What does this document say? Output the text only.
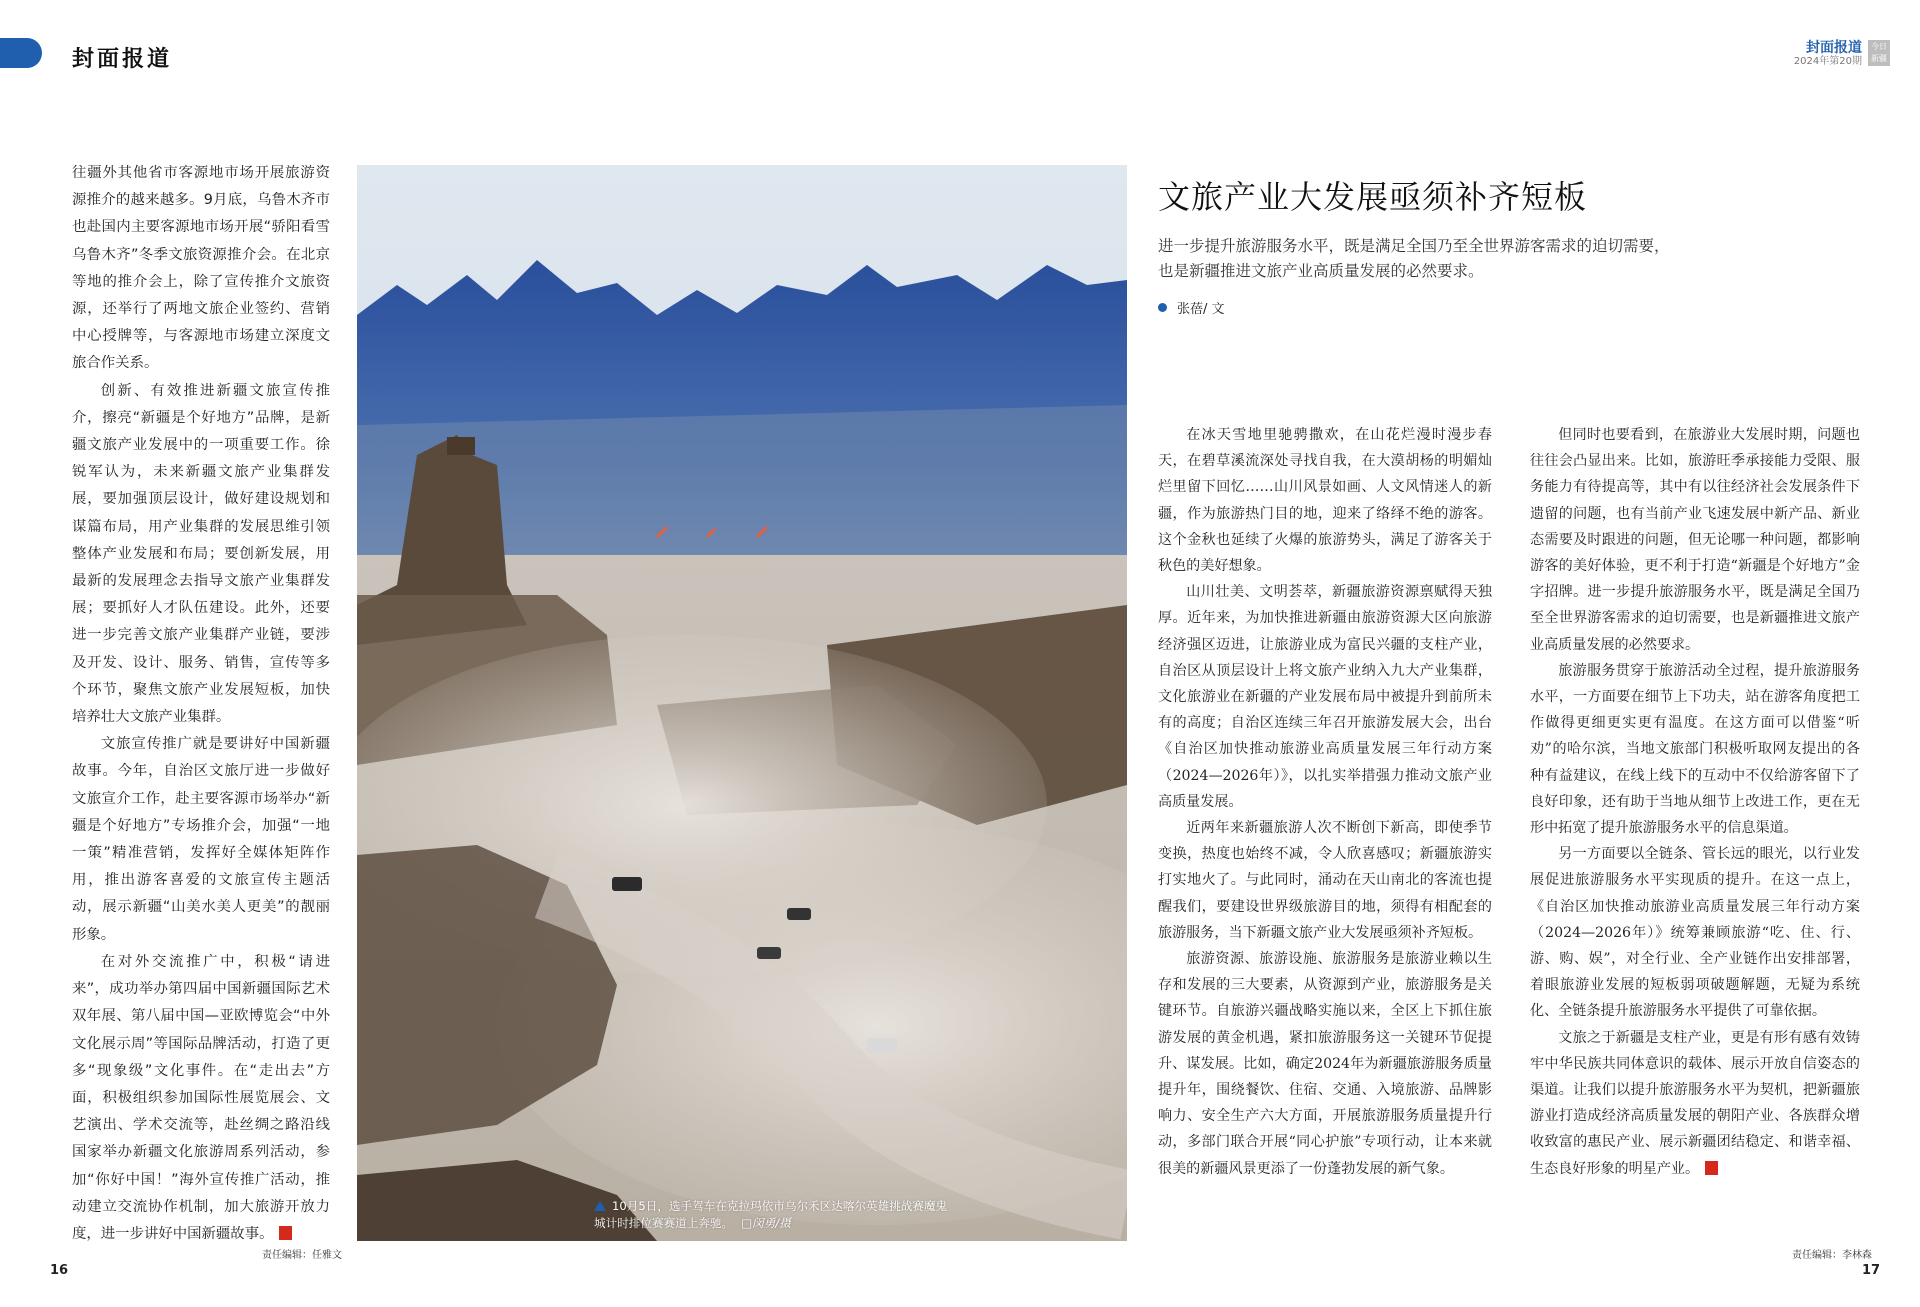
封面报道	封面报道
2024年第20期
今日 新疆

往疆外其他省市客源地市场开展旅游资源推介的越来越多。9月底，乌鲁木齐市也赴国内主要客源地市场开展“骄阳看雪　乌鲁木齐”冬季文旅资源推介会。在北京等地的推介会上，除了宣传推介文旅资源，还举行了两地文旅企业签约、营销中心授牌等，与客源地市场建立深度文旅合作关系。

创新、有效推进新疆文旅宣传推介，擦亮“新疆是个好地方”品牌，是新疆文旅产业发展中的一项重要工作。徐锐军认为，未来新疆文旅产业集群发展，要加强顶层设计，做好建设规划和谋篇布局，用产业集群的发展思维引领整体产业发展和布局；要创新发展，用最新的发展理念去指导文旅产业集群发展；要抓好人才队伍建设。此外，还要进一步完善文旅产业集群产业链，要涉及开发、设计、服务、销售，宣传等多个环节，聚焦文旅产业发展短板，加快培养壮大文旅产业集群。

文旅宣传推广就是要讲好中国新疆故事。今年，自治区文旅厅进一步做好文旅宣介工作，赴主要客源市场举办“新疆是个好地方”专场推介会，加强“一地一策”精准营销，发挥好全媒体矩阵作用，推出游客喜爱的文旅宣传主题活动，展示新疆“山美水美人更美”的靓丽形象。

在对外交流推广中，积极“请进来”，成功举办第四届中国新疆国际艺术双年展、第八届中国—亚欧博览会“中外文化展示周”等国际品牌活动，打造了更多“现象级”文化事件。在“走出去”方面，积极组织参加国际性展览展会、文艺演出、学术交流等，赴丝绸之路沿线国家举办新疆文化旅游周系列活动，参加“你好中国！”海外宣传推广活动，推动建立交流协作机制，加大旅游开放力度，进一步讲好中国新疆故事。

16
责任编辑：任雅文
10月5日，选手驾车在克拉玛依市乌尔禾区达喀尔英雄挑战赛魔鬼城计时排位赛赛道上奔驰。 □闵勇/摄
文旅产业大发展亟须补齐短板
进一步提升旅游服务水平，既是满足全国乃至全世界游客需求的迫切需要，也是新疆推进文旅产业高质量发展的必然要求。
张蓓 / 文

在冰天雪地里驰骋撒欢，在山花烂漫时漫步春天，在碧草溪流深处寻找自我，在大漠胡杨的明媚灿烂里留下回忆……山川风景如画、人文风情迷人的新疆，作为旅游热门目的地，迎来了络绎不绝的游客。这个金秋也延续了火爆的旅游势头，满足了游客关于秋色的美好想象。

山川壮美、文明荟萃，新疆旅游资源禀赋得天独厚。近年来，为加快推进新疆由旅游资源大区向旅游经济强区迈进，让旅游业成为富民兴疆的支柱产业，自治区从顶层设计上将文旅产业纳入九大产业集群，文化旅游业在新疆的产业发展布局中被提升到前所未有的高度；自治区连续三年召开旅游发展大会，出台《自治区加快推动旅游业高质量发展三年行动方案（2024—2026年）》，以扎实举措强力推动文旅产业高质量发展。

近两年来新疆旅游人次不断创下新高，即使季节变换，热度也始终不减，令人欣喜感叹；新疆旅游实打实地火了。与此同时，涌动在天山南北的客流也提醒我们，要建设世界级旅游目的地，须得有相配套的旅游服务，当下新疆文旅产业大发展亟须补齐短板。

旅游资源、旅游设施、旅游服务是旅游业赖以生存和发展的三大要素，从资源到产业，旅游服务是关键环节。自旅游兴疆战略实施以来，全区上下抓住旅游发展的黄金机遇，紧扣旅游服务这一关键环节促提升、谋发展。比如，确定2024年为新疆旅游服务质量提升年，围绕餐饮、住宿、交通、入境旅游、品牌影响力、安全生产六大方面，开展旅游服务质量提升行动，多部门联合开展“同心护旅”专项行动，让本来就很美的新疆风景更添了一份蓬勃发展的新气象。

但同时也要看到，在旅游业大发展时期，问题也往往会凸显出来。比如，旅游旺季承接能力受限、服务能力有待提高等，其中有以往经济社会发展条件下遗留的问题，也有当前产业飞速发展中新产品、新业态需要及时跟进的问题，但无论哪一种问题，都影响游客的美好体验，更不利于打造“新疆是个好地方”金字招牌。进一步提升旅游服务水平，既是满足全国乃至全世界游客需求的迫切需要，也是新疆推进文旅产业高质量发展的必然要求。

旅游服务贯穿于旅游活动全过程，提升旅游服务水平，一方面要在细节上下功夫，站在游客角度把工作做得更细更实更有温度。在这方面可以借鉴“听劝”的哈尔滨，当地文旅部门积极听取网友提出的各种有益建议，在线上线下的互动中不仅给游客留下了良好印象，还有助于当地从细节上改进工作，更在无形中拓宽了提升旅游服务水平的信息渠道。

另一方面要以全链条、管长远的眼光，以行业发展促进旅游服务水平实现质的提升。在这一点上，《自治区加快推动旅游业高质量发展三年行动方案（2024—2026年）》统筹兼顾旅游“吃、住、行、游、购、娱”，对全行业、全产业链作出安排部署，着眼旅游业发展的短板弱项破题解题，无疑为系统化、全链条提升旅游服务水平提供了可靠依据。

文旅之于新疆是支柱产业，更是有形有感有效铸牢中华民族共同体意识的载体、展示开放自信姿态的渠道。让我们以提升旅游服务水平为契机，把新疆旅游业打造成经济高质量发展的朝阳产业、各族群众增收致富的惠民产业、展示新疆团结稳定、和谐幸福、生态良好形象的明星产业。

责任编辑：李林森
17
